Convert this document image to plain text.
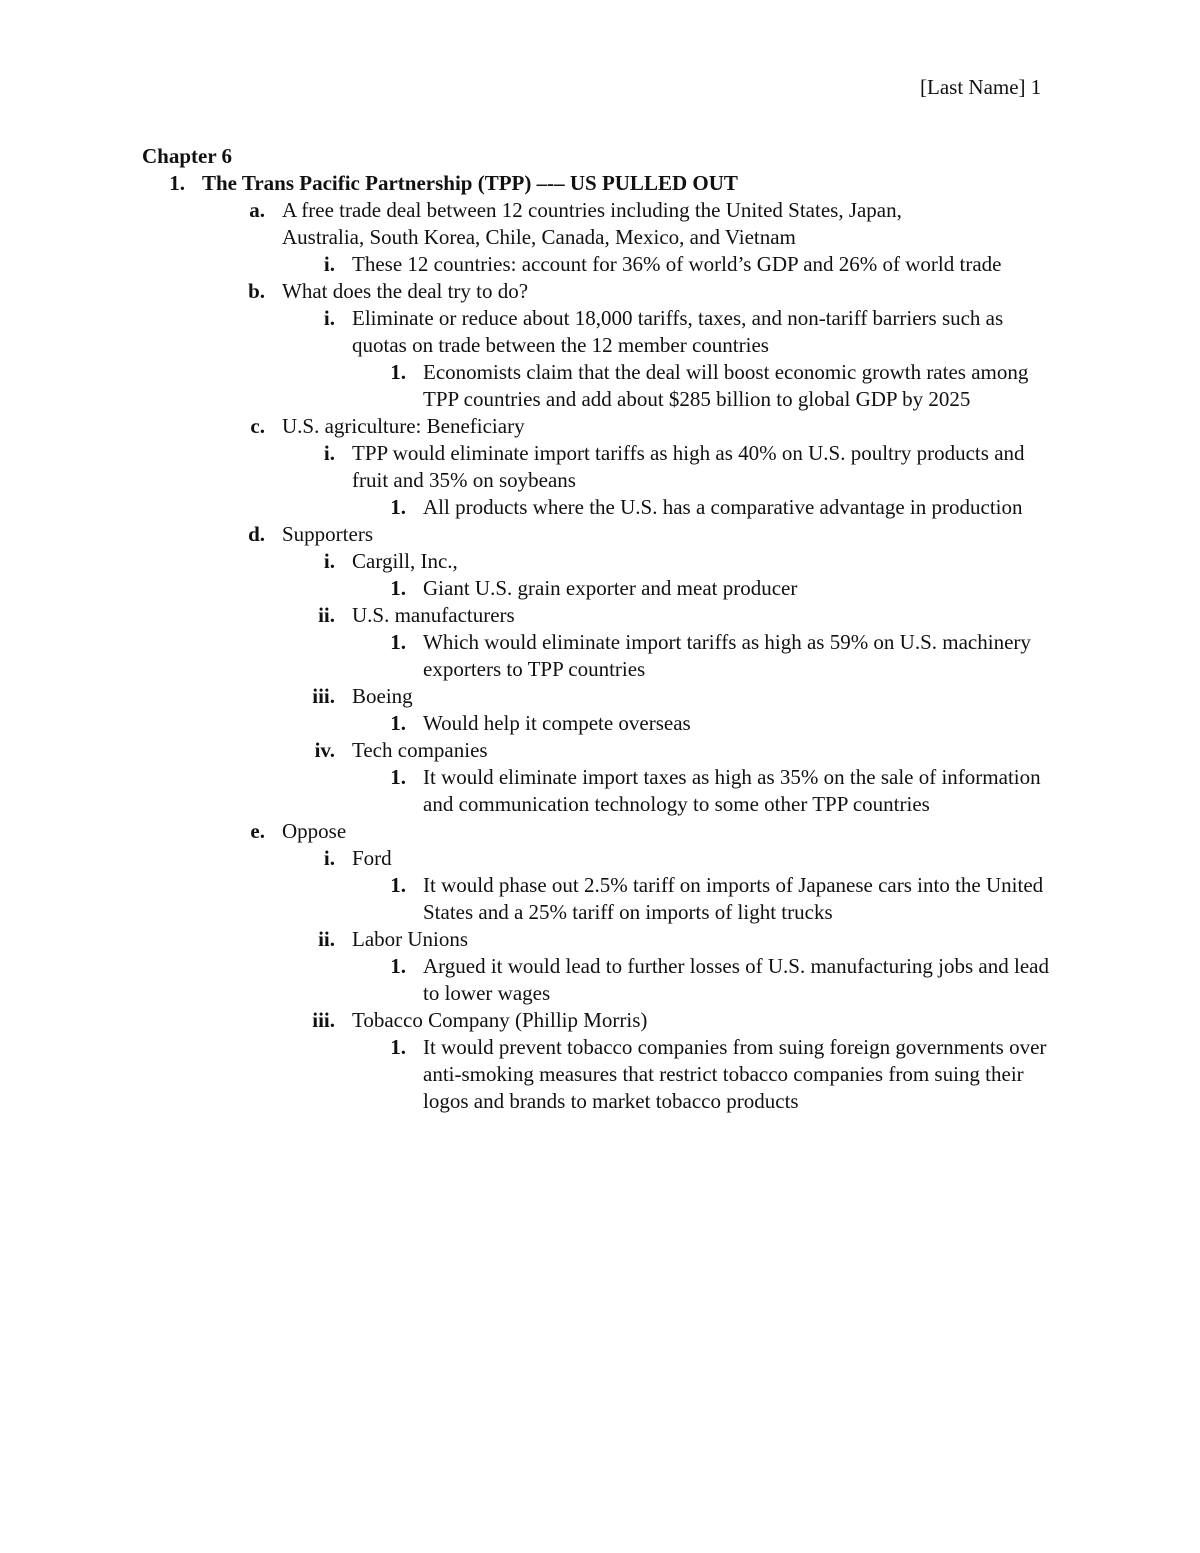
[Last Name] 1

Chapter 6

1. The Trans Pacific Partnership (TPP) –-– US PULLED OUT
a. A free trade deal between 12 countries including the United States, Japan, Australia, South Korea, Chile, Canada, Mexico, and Vietnam
i. These 12 countries: account for 36% of world’s GDP and 26% of world trade
b. What does the deal try to do?
i. Eliminate or reduce about 18,000 tariffs, taxes, and non-tariff barriers such as quotas on trade between the 12 member countries
1. Economists claim that the deal will boost economic growth rates among TPP countries and add about $285 billion to global GDP by 2025
c. U.S. agriculture: Beneficiary
i. TPP would eliminate import tariffs as high as 40% on U.S. poultry products and fruit and 35% on soybeans
1. All products where the U.S. has a comparative advantage in production
d. Supporters
i. Cargill, Inc.,
1. Giant U.S. grain exporter and meat producer
ii. U.S. manufacturers
1. Which would eliminate import tariffs as high as 59% on U.S. machinery exporters to TPP countries
iii. Boeing
1. Would help it compete overseas
iv. Tech companies
1. It would eliminate import taxes as high as 35% on the sale of information and communication technology to some other TPP countries
e. Oppose
i. Ford
1. It would phase out 2.5% tariff on imports of Japanese cars into the United States and a 25% tariff on imports of light trucks
ii. Labor Unions
1. Argued it would lead to further losses of U.S. manufacturing jobs and lead to lower wages
iii. Tobacco Company (Phillip Morris)
1. It would prevent tobacco companies from suing foreign governments over anti-smoking measures that restrict tobacco companies from suing their logos and brands to market tobacco products
